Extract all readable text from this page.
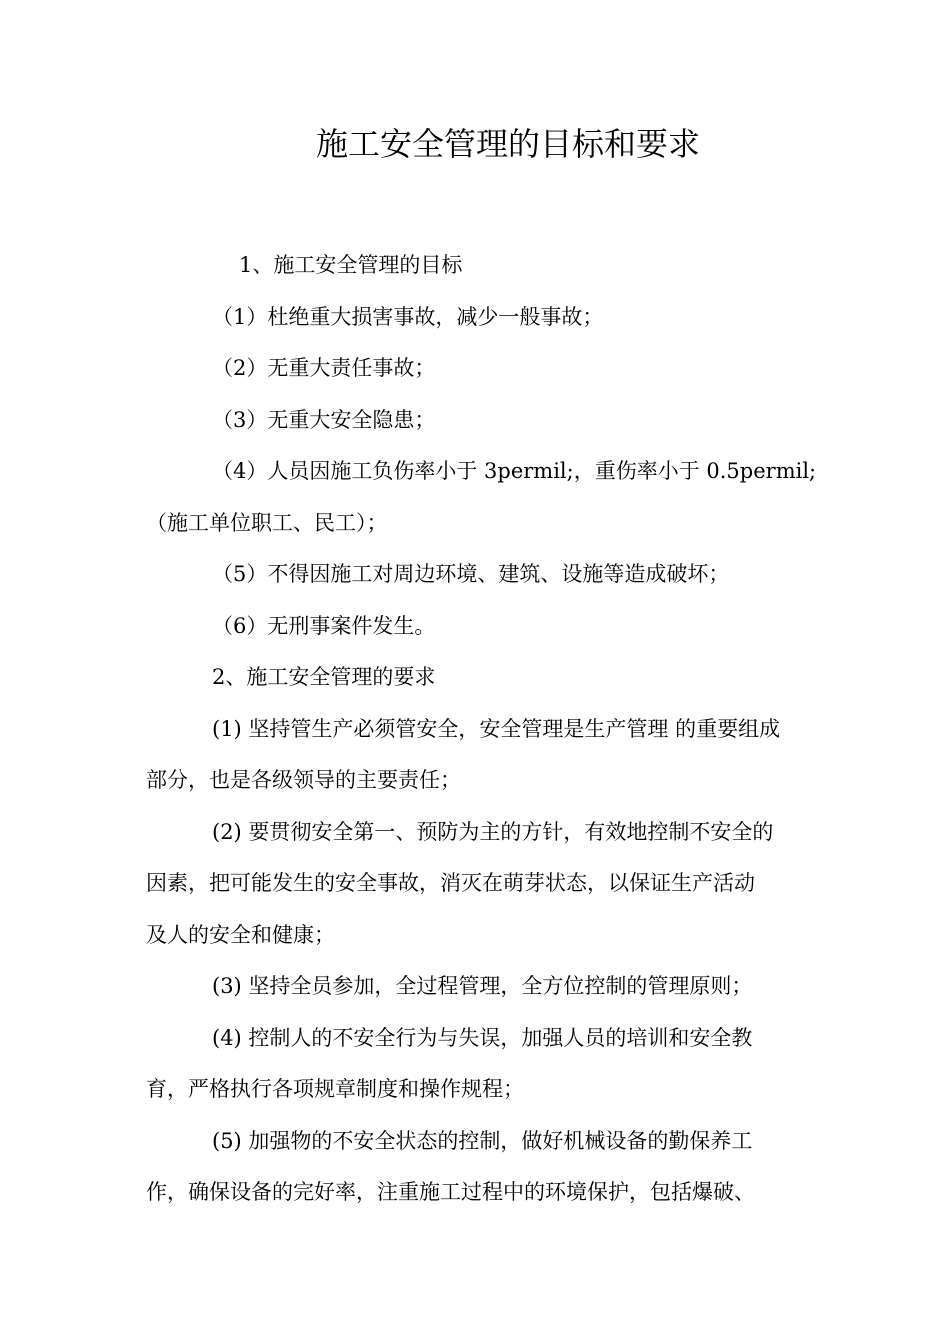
施工安全管理的目标和要求

1、施工安全管理的目标

（1）杜绝重大损害事故，减少一般事故；

（2）无重大责任事故；

（3）无重大安全隐患；

（4）人员因施工负伤率小于 3permil;，重伤率小于 0.5permil;

（施工单位职工、民工）；

（5）不得因施工对周边环境、建筑、设施等造成破坏；

（6）无刑事案件发生。

2、施工安全管理的要求

(1) 坚持管生产必须管安全，安全管理是生产管理 的重要组成

部分，也是各级领导的主要责任；

(2) 要贯彻安全第一、预防为主的方针，有效地控制不安全的

因素，把可能发生的安全事故，消灭在萌芽状态，以保证生产活动

及人的安全和健康；

(3) 坚持全员参加，全过程管理，全方位控制的管理原则；

(4) 控制人的不安全行为与失误，加强人员的培训和安全教

育，严格执行各项规章制度和操作规程；

(5) 加强物的不安全状态的控制，做好机械设备的勤保养工

作，确保设备的完好率，注重施工过程中的环境保护，包括爆破、
